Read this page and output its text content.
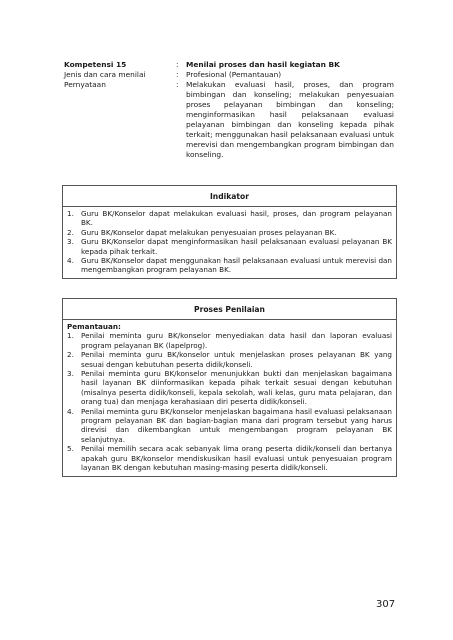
Kompetensi 15	:	Menilai proses dan hasil kegiatan BK
Jenis dan cara menilai	:	Profesional (Pemantauan)
Pernyataan	:	Melakukan evaluasi hasil, proses, dan program bimbingan dan konseling; melakukan penyesuaian proses pelayanan bimbingan dan konseling; menginformasikan hasil pelaksanaan evaluasi pelayanan bimbingan dan konseling kepada pihak terkait; menggunakan hasil pelaksanaan evaluasi untuk merevisi dan mengembangkan program bimbingan dan konseling.
Indikator
1. Guru BK/Konselor dapat melakukan evaluasi hasil, proses, dan program pelayanan BK.
2. Guru BK/Konselor dapat melakukan penyesuaian proses pelayanan BK.
3. Guru BK/Konselor dapat menginformasikan hasil pelaksanaan evaluasi pelayanan BK kepada pihak terkait.
4. Guru BK/Konselor dapat menggunakan hasil pelaksanaan evaluasi untuk merevisi dan mengembangkan program pelayanan BK.
Proses Penilaian
Pemantauan:
1. Penilai meminta guru BK/konselor menyediakan data hasil dan laporan evaluasi program pelayanan BK (lapelprog).
2. Penilai meminta guru BK/konselor untuk menjelaskan proses pelayanan BK yang sesuai dengan kebutuhan peserta didik/konseli.
3. Penilai meminta guru BK/konselor menunjukkan bukti dan menjelaskan bagaimana hasil layanan BK diinformasikan kepada pihak terkait sesuai dengan kebutuhan (misalnya peserta didik/konseli, kepala sekolah, wali kelas, guru mata pelajaran, dan orang tua) dan menjaga kerahasiaan diri peserta didik/konseli.
4. Penilai meminta guru BK/konselor menjelaskan bagaimana hasil evaluasi pelaksanaan program pelayanan BK dan bagian-bagian mana dari program tersebut yang harus direvisi dan dikembangkan untuk mengembangan program pelayanan BK selanjutnya.
5. Penilai memilih secara acak sebanyak lima orang peserta didik/konseli dan bertanya apakah guru BK/konselor mendiskusikan hasil evaluasi untuk penyesuaian program layanan BK dengan kebutuhan masing-masing peserta didik/konseli.
307
